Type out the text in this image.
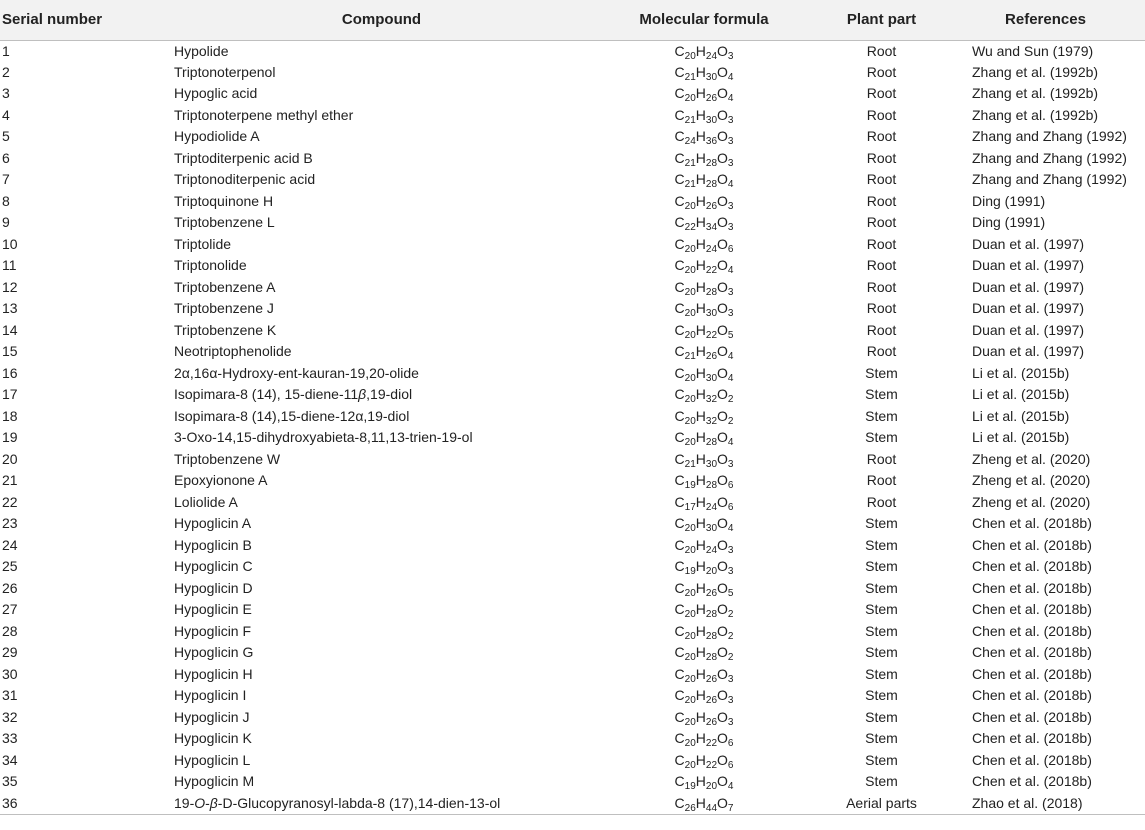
Serial number	Compound	Molecular formula	Plant part	References
1	Hypolide	$C_{20}H_{24}O_3$	Root	Wu and Sun (1979)
2	Triptonoterpenol	$C_{21}H_{30}O_4$	Root	Zhang et al. (1992b)
3	Hypoglic acid	$C_{20}H_{26}O_4$	Root	Zhang et al. (1992b)
4	Triptonoterpene methyl ether	$C_{21}H_{30}O_3$	Root	Zhang et al. (1992b)
5	Hypodiolide A	$C_{24}H_{36}O_3$	Root	Zhang and Zhang (1992)
6	Triptoditerpenic acid B	$C_{21}H_{28}O_3$	Root	Zhang and Zhang (1992)
7	Triptonoditerpenic acid	$C_{21}H_{28}O_4$	Root	Zhang and Zhang (1992)
8	Triptoquinone H	$C_{20}H_{26}O_3$	Root	Ding (1991)
9	Triptobenzene L	$C_{22}H_{34}O_3$	Root	Ding (1991)
10	Triptolide	$C_{20}H_{24}O_6$	Root	Duan et al. (1997)
11	Triptonolide	$C_{20}H_{22}O_4$	Root	Duan et al. (1997)
12	Triptobenzene A	$C_{20}H_{28}O_3$	Root	Duan et al. (1997)
13	Triptobenzene J	$C_{20}H_{30}O_3$	Root	Duan et al. (1997)
14	Triptobenzene K	$C_{20}H_{22}O_5$	Root	Duan et al. (1997)
15	Neotriptophenolide	$C_{21}H_{26}O_4$	Root	Duan et al. (1997)
16	2α,16α-Hydroxy-ent-kauran-19,20-olide	$C_{20}H_{30}O_4$	Stem	Li et al. (2015b)
17	Isopimara-8 (14), 15-diene-11β,19-diol	$C_{20}H_{32}O_2$	Stem	Li et al. (2015b)
18	Isopimara-8 (14),15-diene-12α,19-diol	$C_{20}H_{32}O_2$	Stem	Li et al. (2015b)
19	3-Oxo-14,15-dihydroxyabieta-8,11,13-trien-19-ol	$C_{20}H_{28}O_4$	Stem	Li et al. (2015b)
20	Triptobenzene W	$C_{21}H_{30}O_3$	Root	Zheng et al. (2020)
21	Epoxyionone A	$C_{19}H_{28}O_6$	Root	Zheng et al. (2020)
22	Loliolide A	$C_{17}H_{24}O_6$	Root	Zheng et al. (2020)
23	Hypoglicin A	$C_{20}H_{30}O_4$	Stem	Chen et al. (2018b)
24	Hypoglicin B	$C_{20}H_{24}O_3$	Stem	Chen et al. (2018b)
25	Hypoglicin C	$C_{19}H_{20}O_3$	Stem	Chen et al. (2018b)
26	Hypoglicin D	$C_{20}H_{26}O_5$	Stem	Chen et al. (2018b)
27	Hypoglicin E	$C_{20}H_{28}O_2$	Stem	Chen et al. (2018b)
28	Hypoglicin F	$C_{20}H_{28}O_2$	Stem	Chen et al. (2018b)
29	Hypoglicin G	$C_{20}H_{28}O_2$	Stem	Chen et al. (2018b)
30	Hypoglicin H	$C_{20}H_{26}O_3$	Stem	Chen et al. (2018b)
31	Hypoglicin I	$C_{20}H_{26}O_3$	Stem	Chen et al. (2018b)
32	Hypoglicin J	$C_{20}H_{26}O_3$	Stem	Chen et al. (2018b)
33	Hypoglicin K	$C_{20}H_{22}O_6$	Stem	Chen et al. (2018b)
34	Hypoglicin L	$C_{20}H_{22}O_6$	Stem	Chen et al. (2018b)
35	Hypoglicin M	$C_{19}H_{20}O_4$	Stem	Chen et al. (2018b)
36	19-O-β-D-Glucopyranosyl-labda-8 (17),14-dien-13-ol	$C_{26}H_{44}O_7$	Aerial parts	Zhao et al. (2018)
